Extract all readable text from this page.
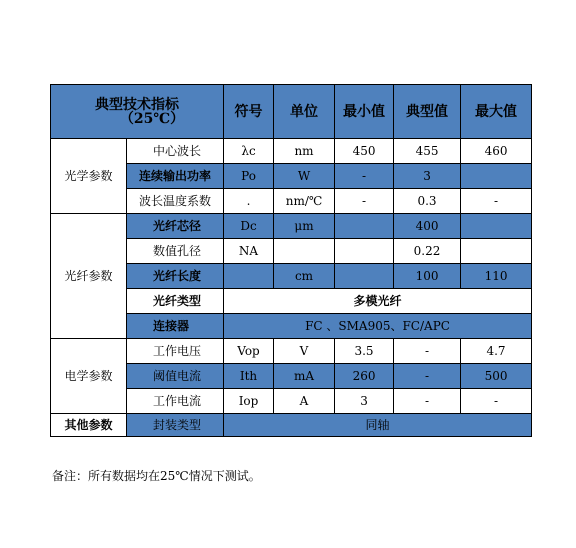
典型技术指标
（25℃）		符号	单位	最小值	典型值	最大值
光学参数	中心波长	λc	nm	450	455	460
	连续输出功率	Po	W	-	3	
	波长温度系数	.	nm/℃	-	0.3	-
光纤参数	光纤芯径	Dc	μm		400	
	数值孔径	NA			0.22	
	光纤长度		cm		100	110
	光纤类型	多模光纤				
	连接器	FC 、SMA905、FC/APC				
电学参数	工作电压	Vop	V	3.5	-	4.7
	阈值电流	Ith	mA	260	-	500
	工作电流	Iop	A	3	-	-
其他参数	封装类型	同轴				
备注：所有数据均在25℃情况下测试。
